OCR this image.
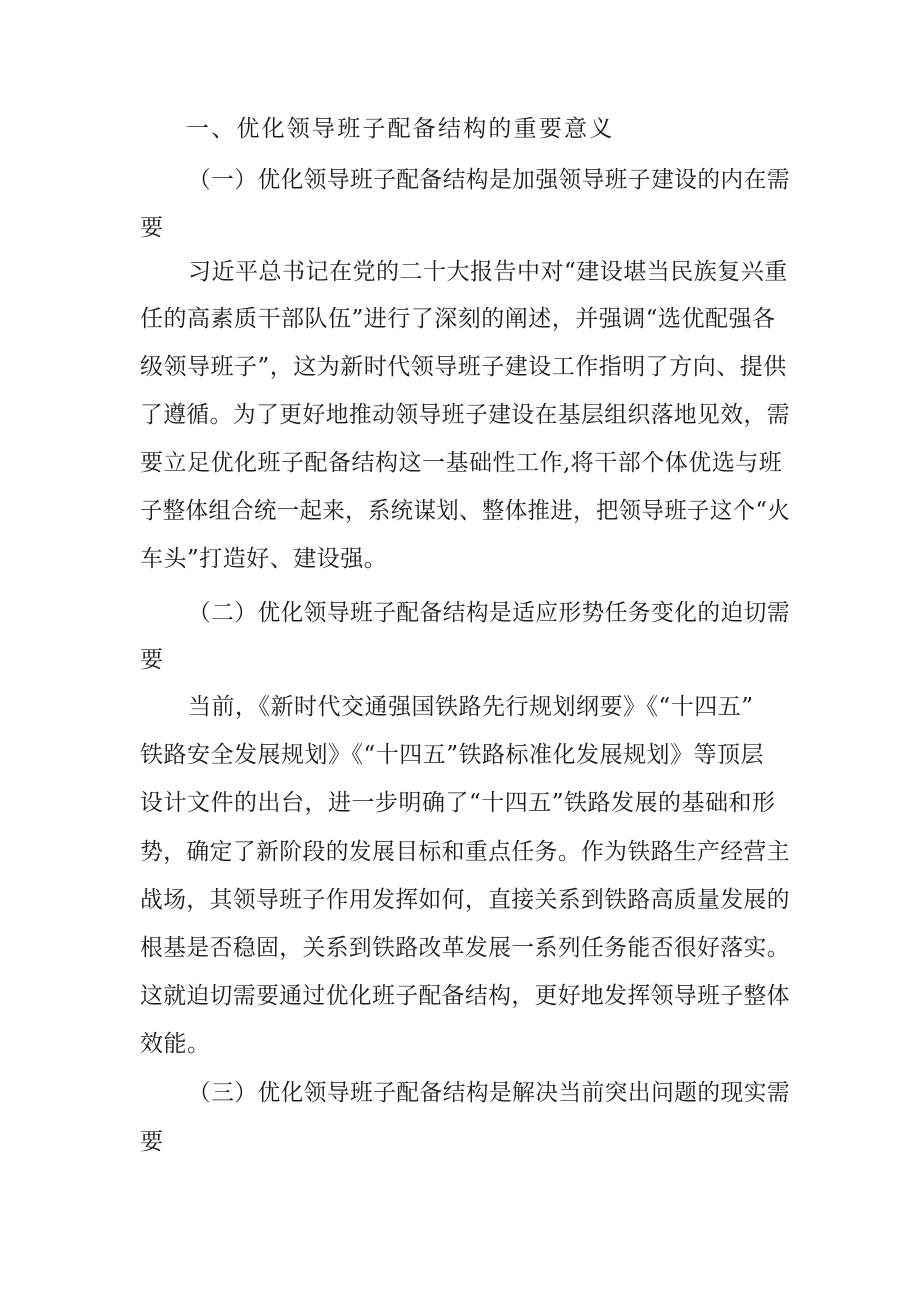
一、优化领导班子配备结构的重要意义
（一）优化领导班子配备结构是加强领导班子建设的内在需
要
习近平总书记在党的二十大报告中对“建设堪当民族复兴重
任的高素质干部队伍”进行了深刻的阐述，并强调“选优配强各
级领导班子”，这为新时代领导班子建设工作指明了方向、提供
了遵循。为了更好地推动领导班子建设在基层组织落地见效，需
要立足优化班子配备结构这一基础性工作,将干部个体优选与班
子整体组合统一起来，系统谋划、整体推进，把领导班子这个“火
车头”打造好、建设强。
（二）优化领导班子配备结构是适应形势任务变化的迫切需
要
当前，《新时代交通强国铁路先行规划纲要》《“十四五”
铁路安全发展规划》《“十四五”铁路标准化发展规划》等顶层
设计文件的出台，进一步明确了“十四五”铁路发展的基础和形
势，确定了新阶段的发展目标和重点任务。作为铁路生产经营主
战场，其领导班子作用发挥如何，直接关系到铁路高质量发展的
根基是否稳固，关系到铁路改革发展一系列任务能否很好落实。
这就迫切需要通过优化班子配备结构，更好地发挥领导班子整体
效能。
（三）优化领导班子配备结构是解决当前突出问题的现实需
要
